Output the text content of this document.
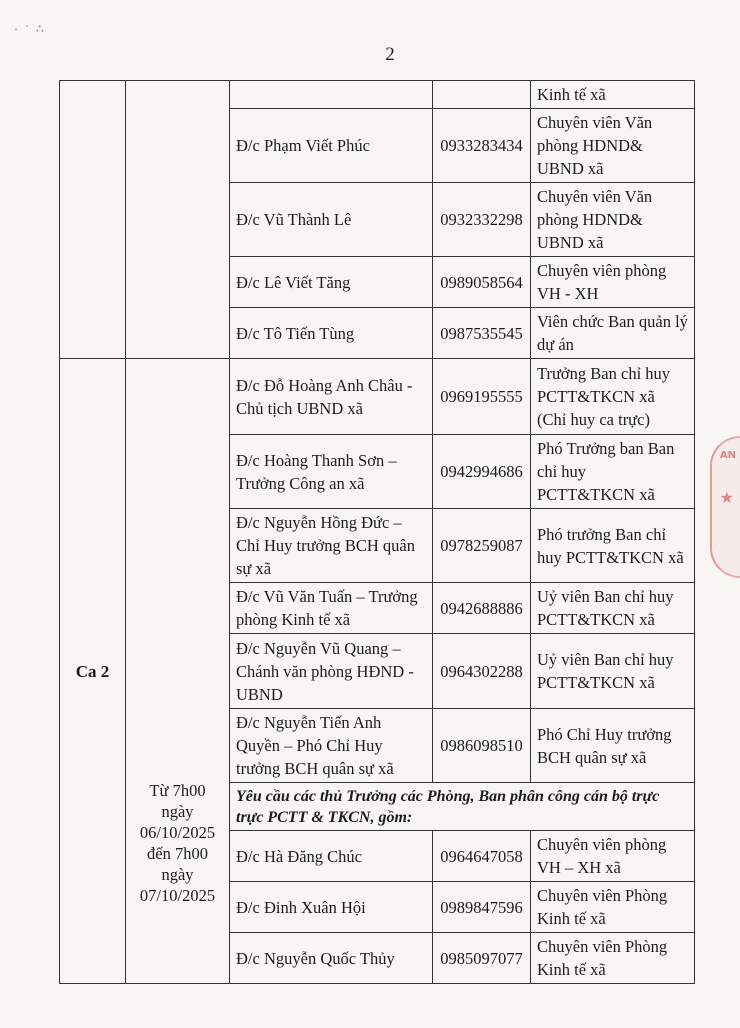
· ˙ ∴
2
				Kinh tế xã
		Đ/c Phạm Viết Phúc	0933283434	Chuyên viên Văn phòng HDND& UBND xã
		Đ/c Vũ Thành Lê	0932332298	Chuyên viên Văn phòng HDND& UBND xã
		Đ/c Lê Viết Tăng	0989058564	Chuyên viên phòng VH - XH
		Đ/c Tô Tiến Tùng	0987535545	Viên chức Ban quản lý dự án
Ca 2	Từ 7h00 ngày 06/10/2025 đến 7h00 ngày 07/10/2025	Đ/c Đỗ Hoàng Anh Châu - Chủ tịch UBND xã	0969195555	Trưởng Ban chỉ huy PCTT&TKCN xã (Chỉ huy ca trực)
		Đ/c Hoàng Thanh Sơn – Trưởng Công an xã	0942994686	Phó Trưởng ban Ban chỉ huy PCTT&TKCN xã
		Đ/c Nguyễn Hồng Đức – Chỉ Huy trưởng BCH quân sự xã	0978259087	Phó trưởng Ban chỉ huy PCTT&TKCN xã
		Đ/c Vũ Văn Tuấn – Trưởng phòng Kinh tế xã	0942688886	Uỷ viên Ban chỉ huy PCTT&TKCN xã
		Đ/c Nguyễn Vũ Quang – Chánh văn phòng HĐND - UBND	0964302288	Uỷ viên Ban chỉ huy PCTT&TKCN xã
		Đ/c Nguyễn Tiến Anh Quyền – Phó Chỉ Huy trưởng BCH quân sự xã	0986098510	Phó Chỉ Huy trưởng BCH quân sự xã
		Yêu cầu các thủ Trưởng các Phòng, Ban phân công cán bộ trực trực PCTT & TKCN, gồm:		
		Đ/c Hà Đăng Chúc	0964647058	Chuyên viên phòng VH – XH xã
		Đ/c Đinh Xuân Hội	0989847596	Chuyên viên Phòng Kinh tế xã
		Đ/c Nguyễn Quốc Thủy	0985097077	Chuyên viên Phòng Kinh tế xã
AN
★
